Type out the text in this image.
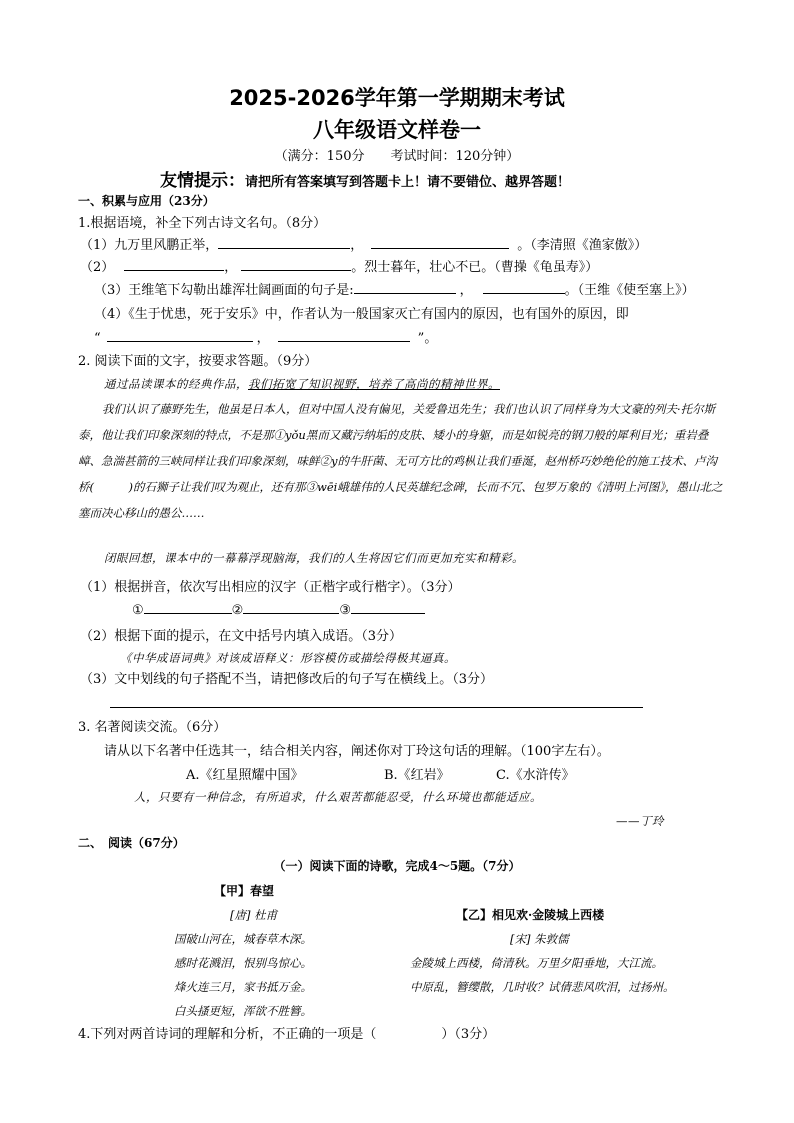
2025-2026学年第一学期期末考试
八年级语文样卷一
（满分：150分　　考试时间：120分钟）
友情提示：请把所有答案填写到答题卡上！请不要错位、越界答题！
一、积累与应用（23分）
1.根据语境，补全下列古诗文名句。（8分）
（1）九万里风鹏正举，	，	。（李清照《渔家傲》）
（2）	，	。烈士暮年，壮心不已。（曹操《龟虽寿》）
（3）王维笔下勾勒出雄浑壮阔画面的句子是:	，	。（王维《使至塞上》）
（4）《生于忧患，死于安乐》中，作者认为一般国家灭亡有国内的原因，也有国外的原因，即
“	，	”。
2. 阅读下面的文字，按要求答题。（9分）
通过品读课本的经典作品，我们拓宽了知识视野，培养了高尚的精神世界。
我们认识了藤野先生，他虽是日本人，但对中国人没有偏见，关爱鲁迅先生；我们也认识了同样身为大文豪的列夫·托尔斯泰，他让我们印象深刻的特点，不是那①yǒu黑而又藏污纳垢的皮肤、矮小的身躯，而是如锐亮的钢刀般的犀利目光；重岩叠嶂、急湍甚箭的三峡同样让我们印象深刻，味鲜②y的牛肝菌、无可方比的鸡枞让我们垂涎，赵州桥巧妙绝伦的施工技术、卢沟桥(　　　)的石狮子让我们叹为观止，还有那③wēi峨雄伟的人民英雄纪念碑，长而不冗、包罗万象的《清明上河图》，愚山北之塞而决心移山的愚公……
闭眼回想，课本中的一幕幕浮现脑海，我们的人生将因它们而更加充实和精彩。
（1）根据拼音，依次写出相应的汉字（正楷字或行楷字）。（3分）
①	②	③
（2）根据下面的提示，在文中括号内填入成语。（3分）
《中华成语词典》对该成语释义：形容模仿或描绘得极其逼真。
（3）文中划线的句子搭配不当，请把修改后的句子写在横线上。（3分）
3. 名著阅读交流。（6分）
请从以下名著中任选其一，结合相关内容，阐述你对丁玲这句话的理解。（100字左右）。
A.《红星照耀中国》	B.《红岩》	C.《水浒传》
人，只要有一种信念，有所追求，什么艰苦都能忍受，什么环境也都能适应。
——丁玲
二、　阅读（67分）
（一）阅读下面的诗歌，完成4～5题。（7分）
【甲】春望
[唐] 杜甫
国破山河在，城春草木深。
感时花溅泪，恨别鸟惊心。
烽火连三月，家书抵万金。
白头搔更短，浑欲不胜簪。
【乙】相见欢·金陵城上西楼
[宋] 朱敦儒
金陵城上西楼，倚清秋。万里夕阳垂地，大江流。
中原乱，簪缨散，几时收？试倩悲风吹泪，过扬州。
4.下列对两首诗词的理解和分析，不正确的一项是（　　　　　）（3分）
